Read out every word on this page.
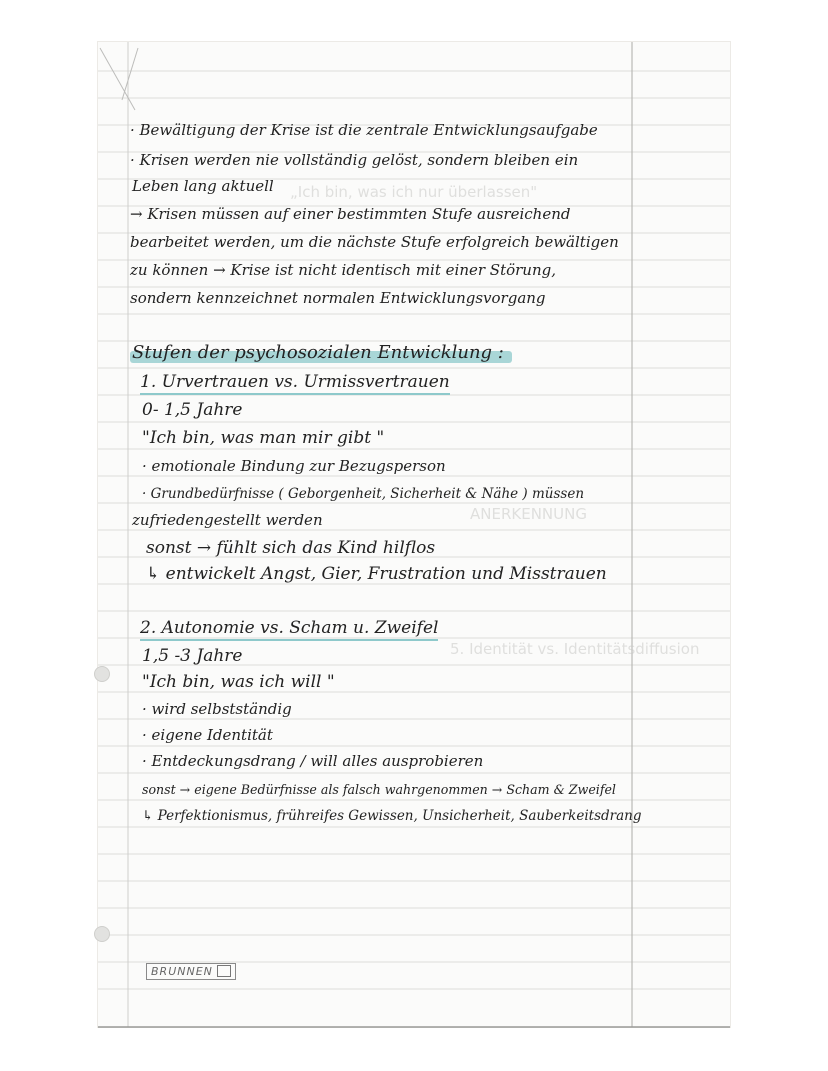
„Ich bin, was ich nur überlassen"
ANERKENNUNG
5. Identität vs. Identitätsdiffusion
· Bewältigung der Krise ist die zentrale Entwicklungsaufgabe
· Krisen werden nie vollständig gelöst, sondern bleiben ein
Leben lang aktuell
→ Krisen müssen auf einer bestimmten Stufe ausreichend
bearbeitet werden, um die nächste Stufe erfolgreich bewältigen
zu können → Krise ist nicht identisch mit einer Störung,
sondern kennzeichnet normalen Entwicklungsvorgang
Stufen der psychosozialen Entwicklung :
1. Urvertrauen vs. Urmissvertrauen
0- 1,5 Jahre
"Ich bin, was man mir gibt "
· emotionale Bindung zur Bezugsperson
· Grundbedürfnisse ( Geborgenheit, Sicherheit & Nähe ) müssen
zufriedengestellt werden
sonst → fühlt sich das Kind hilflos
↳ entwickelt Angst, Gier, Frustration und Misstrauen
2. Autonomie vs. Scham u. Zweifel
1,5 -3 Jahre
"Ich bin, was ich will "
· wird selbstständig
· eigene Identität
· Entdeckungsdrang / will alles ausprobieren
sonst → eigene Bedürfnisse als falsch wahrgenommen → Scham & Zweifel
↳ Perfektionismus, frühreifes Gewissen, Unsicherheit, Sauberkeitsdrang
BRUNNEN
